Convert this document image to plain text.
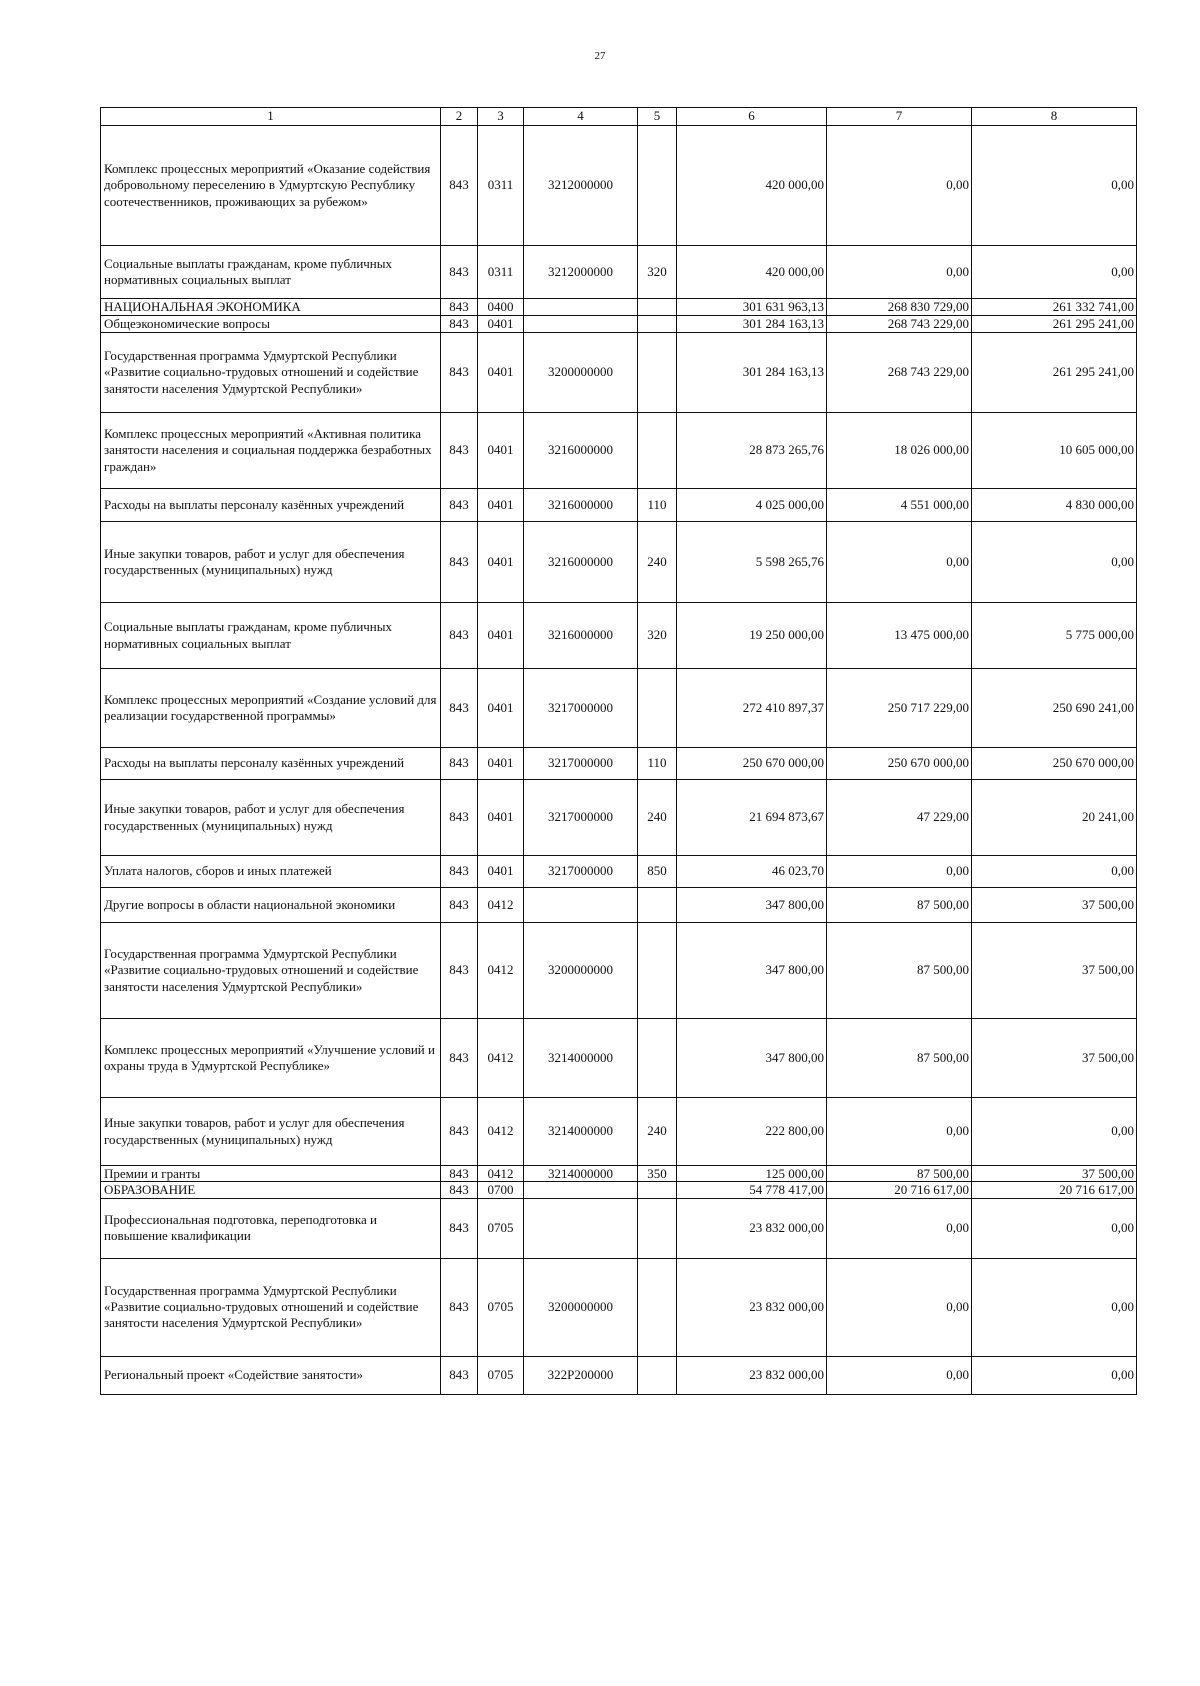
27
1	2	3	4	5	6	7	8
Комплекс процессных мероприятий «Оказание содействия добровольному переселению в Удмуртскую Республику соотечественников, проживающих за рубежом»	843	0311	3212000000		420 000,00	0,00	0,00
Социальные выплаты гражданам, кроме публичных нормативных социальных выплат	843	0311	3212000000	320	420 000,00	0,00	0,00
НАЦИОНАЛЬНАЯ ЭКОНОМИКА	843	0400			301 631 963,13	268 830 729,00	261 332 741,00
Общеэкономические вопросы	843	0401			301 284 163,13	268 743 229,00	261 295 241,00
Государственная программа Удмуртской Республики «Развитие социально-трудовых отношений и содействие занятости населения Удмуртской Республики»	843	0401	3200000000		301 284 163,13	268 743 229,00	261 295 241,00
Комплекс процессных мероприятий «Активная политика занятости населения и социальная поддержка безработных граждан»	843	0401	3216000000		28 873 265,76	18 026 000,00	10 605 000,00
Расходы на выплаты персоналу казённых учреждений	843	0401	3216000000	110	4 025 000,00	4 551 000,00	4 830 000,00
Иные закупки товаров, работ и услуг для обеспечения государственных (муниципальных) нужд	843	0401	3216000000	240	5 598 265,76	0,00	0,00
Социальные выплаты гражданам, кроме публичных нормативных социальных выплат	843	0401	3216000000	320	19 250 000,00	13 475 000,00	5 775 000,00
Комплекс процессных мероприятий «Создание условий для реализации государственной программы»	843	0401	3217000000		272 410 897,37	250 717 229,00	250 690 241,00
Расходы на выплаты персоналу казённых учреждений	843	0401	3217000000	110	250 670 000,00	250 670 000,00	250 670 000,00
Иные закупки товаров, работ и услуг для обеспечения государственных (муниципальных) нужд	843	0401	3217000000	240	21 694 873,67	47 229,00	20 241,00
Уплата налогов, сборов и иных платежей	843	0401	3217000000	850	46 023,70	0,00	0,00
Другие вопросы в области национальной экономики	843	0412			347 800,00	87 500,00	37 500,00
Государственная программа Удмуртской Республики «Развитие социально-трудовых отношений и содействие занятости населения Удмуртской Республики»	843	0412	3200000000		347 800,00	87 500,00	37 500,00
Комплекс процессных мероприятий «Улучшение условий и охраны труда в Удмуртской Республике»	843	0412	3214000000		347 800,00	87 500,00	37 500,00
Иные закупки товаров, работ и услуг для обеспечения государственных (муниципальных) нужд	843	0412	3214000000	240	222 800,00	0,00	0,00
Премии и гранты	843	0412	3214000000	350	125 000,00	87 500,00	37 500,00
ОБРАЗОВАНИЕ	843	0700			54 778 417,00	20 716 617,00	20 716 617,00
Профессиональная подготовка, переподготовка и повышение квалификации	843	0705			23 832 000,00	0,00	0,00
Государственная программа Удмуртской Республики «Развитие социально-трудовых отношений и содействие занятости населения Удмуртской Республики»	843	0705	3200000000		23 832 000,00	0,00	0,00
Региональный проект «Содействие занятости»	843	0705	322Р200000		23 832 000,00	0,00	0,00
